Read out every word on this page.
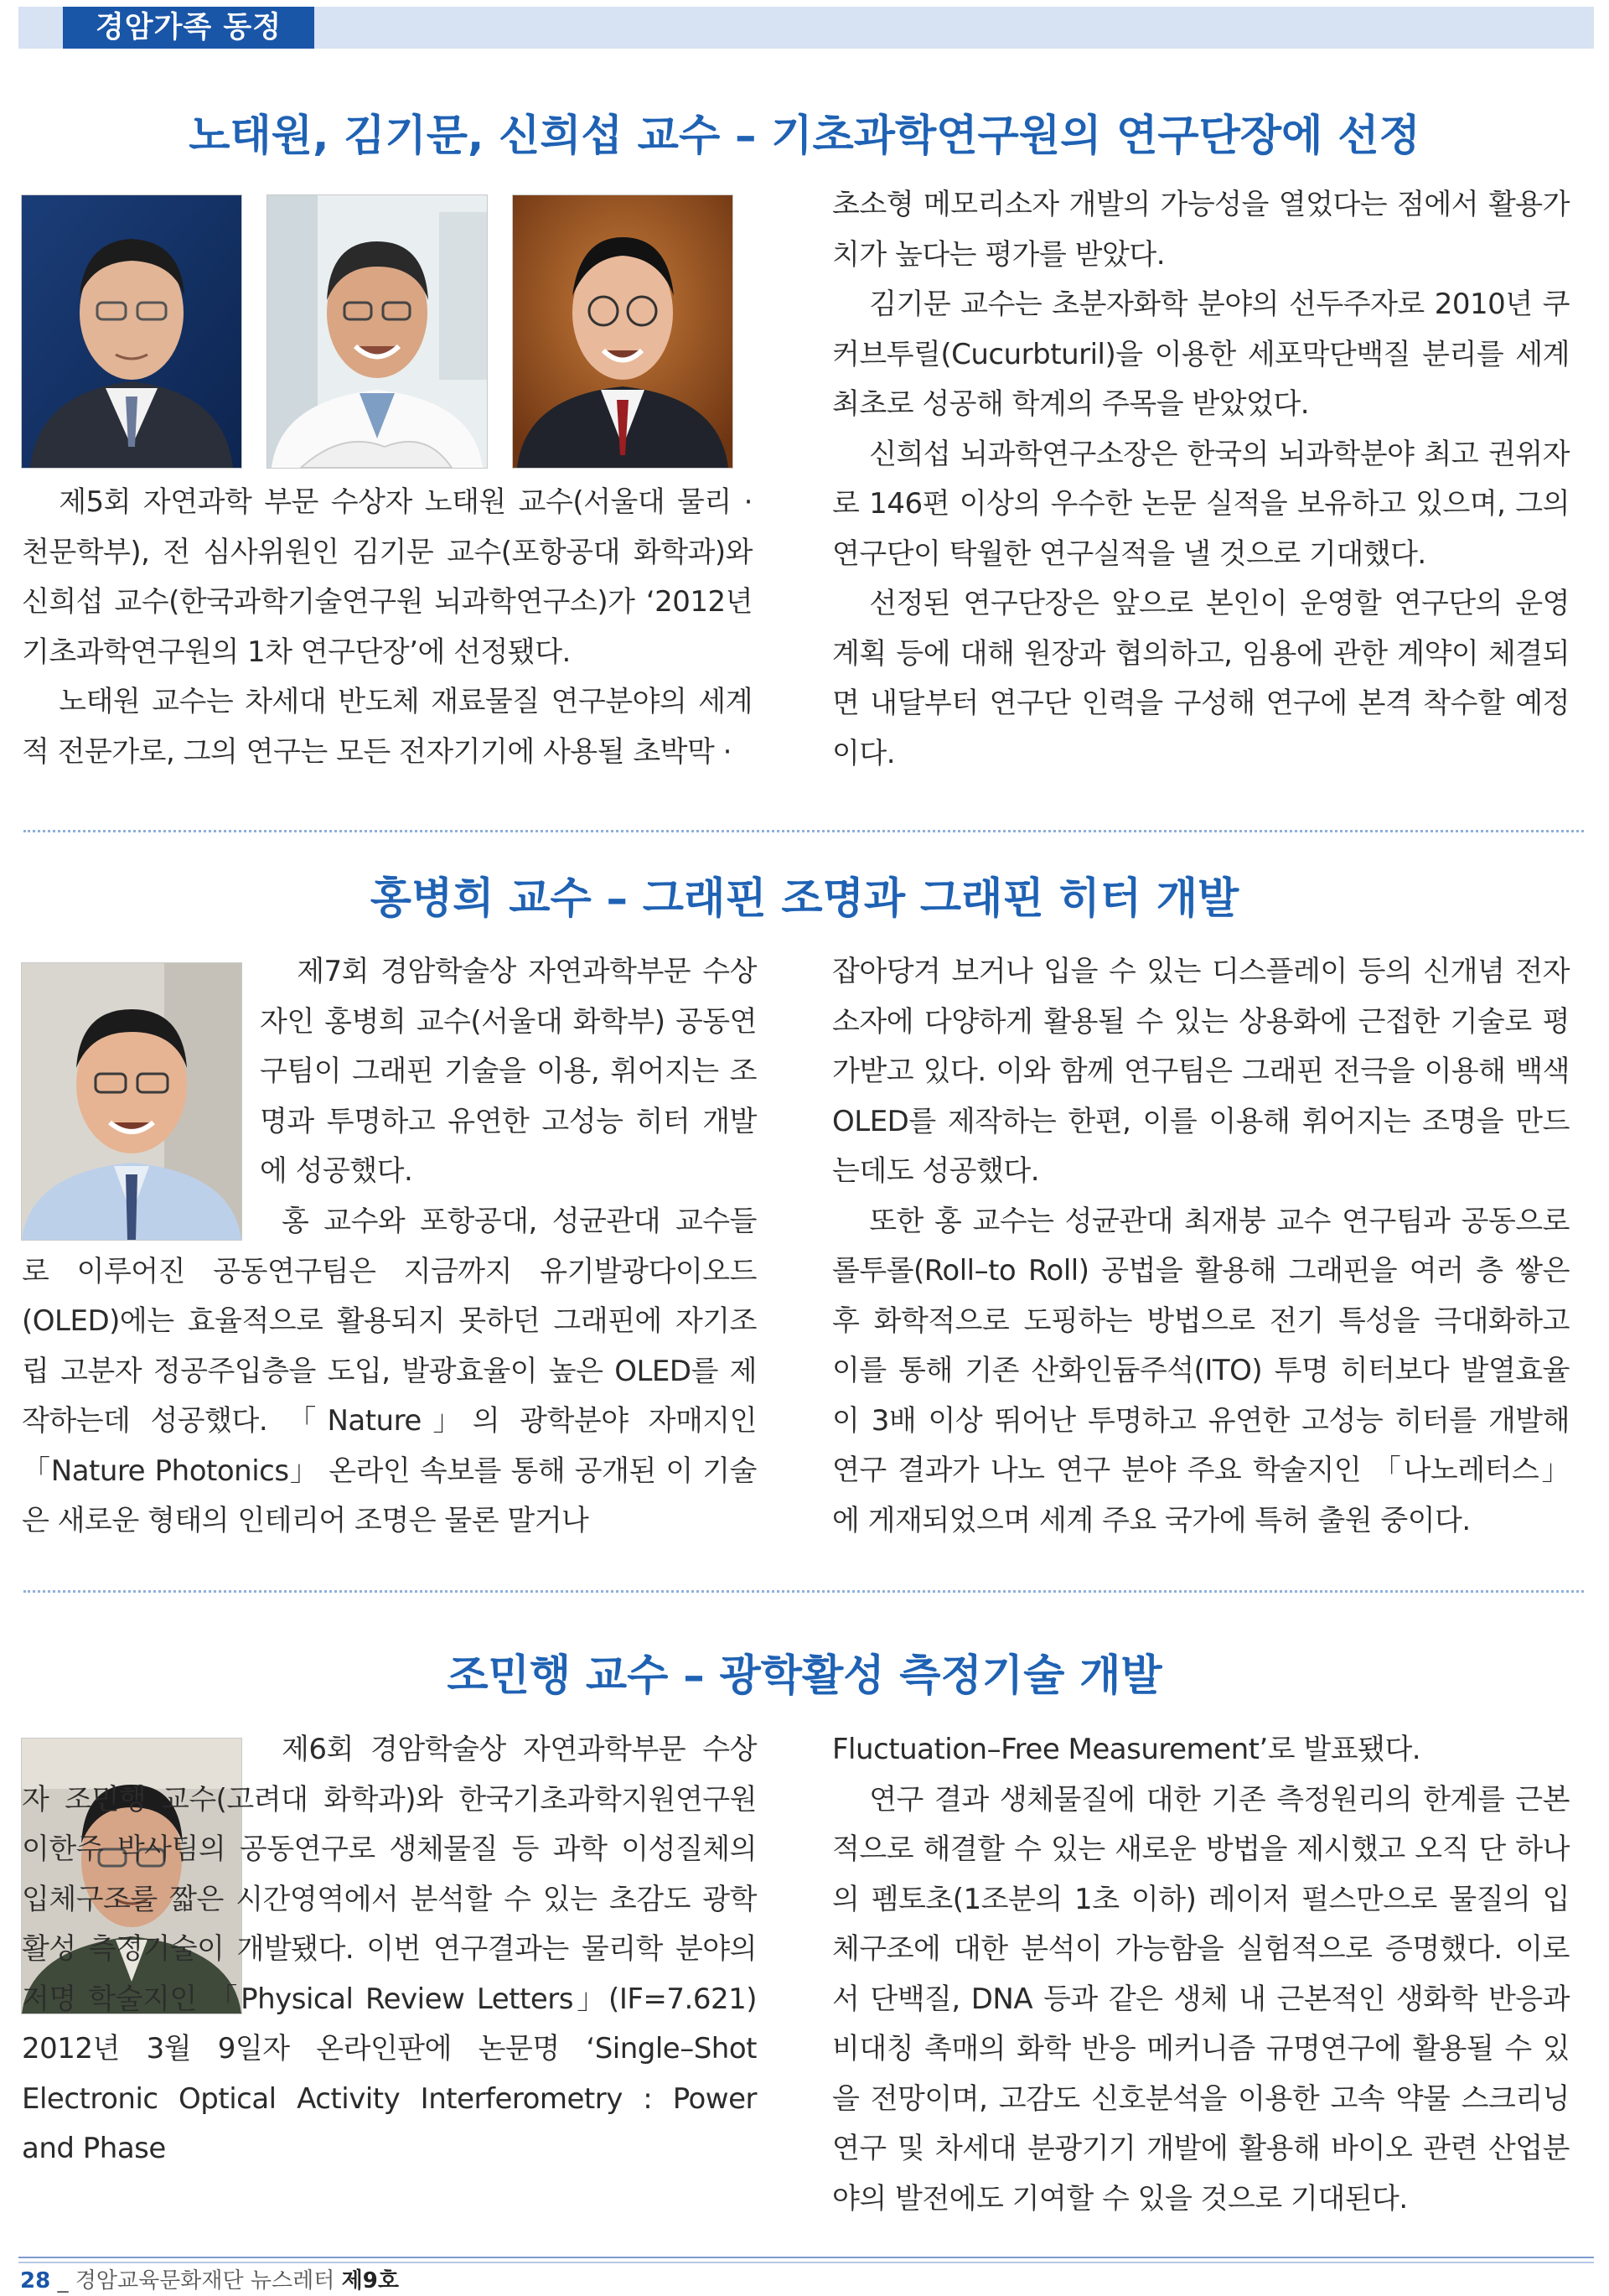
경암가족 동정
노태원, 김기문, 신희섭 교수 – 기초과학연구원의 연구단장에 선정

제5회 자연과학 부문 수상자 노태원 교수(서울대 물리 · 천문학부), 전 심사위원인 김기문 교수(포항공대 화학과)와 신희섭 교수(한국과학기술연구원 뇌과학연구소)가 ‘2012년 기초과학연구원의 1차 연구단장’에 선정됐다.

노태원 교수는 차세대 반도체 재료물질 연구분야의 세계적 전문가로, 그의 연구는 모든 전자기기에 사용될 초박막 ·

초소형 메모리소자 개발의 가능성을 열었다는 점에서 활용가치가 높다는 평가를 받았다.

김기문 교수는 초분자화학 분야의 선두주자로 2010년 쿠커브투릴(Cucurbturil)을 이용한 세포막단백질 분리를 세계 최초로 성공해 학계의 주목을 받았었다.

신희섭 뇌과학연구소장은 한국의 뇌과학분야 최고 권위자로 146편 이상의 우수한 논문 실적을 보유하고 있으며, 그의 연구단이 탁월한 연구실적을 낼 것으로 기대했다.

선정된 연구단장은 앞으로 본인이 운영할 연구단의 운영계획 등에 대해 원장과 협의하고, 임용에 관한 계약이 체결되면 내달부터 연구단 인력을 구성해 연구에 본격 착수할 예정이다.

홍병희 교수 – 그래핀 조명과 그래핀 히터 개발

제7회 경암학술상 자연과학부문 수상자인 홍병희 교수(서울대 화학부) 공동연구팀이 그래핀 기술을 이용, 휘어지는 조명과 투명하고 유연한 고성능 히터 개발에 성공했다.

홍 교수와 포항공대, 성균관대 교수들로 이루어진 공동연구팀은 지금까지 유기발광다이오드(OLED)에는 효율적으로 활용되지 못하던 그래핀에 자기조립 고분자 정공주입층을 도입, 발광효율이 높은 OLED를 제작하는데 성공했다. 「Nature」의 광학분야 자매지인 「Nature Photonics」 온라인 속보를 통해 공개된 이 기술은 새로운 형태의 인테리어 조명은 물론 말거나

잡아당겨 보거나 입을 수 있는 디스플레이 등의 신개념 전자소자에 다양하게 활용될 수 있는 상용화에 근접한 기술로 평가받고 있다. 이와 함께 연구팀은 그래핀 전극을 이용해 백색 OLED를 제작하는 한편, 이를 이용해 휘어지는 조명을 만드는데도 성공했다.

또한 홍 교수는 성균관대 최재붕 교수 연구팀과 공동으로 롤투롤(Roll–to Roll) 공법을 활용해 그래핀을 여러 층 쌓은 후 화학적으로 도핑하는 방법으로 전기 특성을 극대화하고 이를 통해 기존 산화인듐주석(ITO) 투명 히터보다 발열효율이 3배 이상 뛰어난 투명하고 유연한 고성능 히터를 개발해 연구 결과가 나노 연구 분야 주요 학술지인 「나노레터스」에 게재되었으며 세계 주요 국가에 특허 출원 중이다.

조민행 교수 – 광학활성 측정기술 개발

제6회 경암학술상 자연과학부문 수상자 조민행 교수(고려대 화학과)와 한국기초과학지원연구원 이한주 박사팀의 공동연구로 생체물질 등 과학 이성질체의 입체구조를 짧은 시간영역에서 분석할 수 있는 초감도 광학활성 측정기술이 개발됐다. 이번 연구결과는 물리학 분야의 저명 학술지인 「Physical Review Letters」(IF=7.621) 2012년 3월 9일자 온라인판에 논문명 ‘Single–Shot Electronic Optical Activity Interferometry : Power and Phase

Fluctuation–Free Measurement’로 발표됐다.

연구 결과 생체물질에 대한 기존 측정원리의 한계를 근본적으로 해결할 수 있는 새로운 방법을 제시했고 오직 단 하나의 펨토초(1조분의 1초 이하) 레이저 펄스만으로 물질의 입체구조에 대한 분석이 가능함을 실험적으로 증명했다. 이로서 단백질, DNA 등과 같은 생체 내 근본적인 생화학 반응과 비대칭 촉매의 화학 반응 메커니즘 규명연구에 활용될 수 있을 전망이며, 고감도 신호분석을 이용한 고속 약물 스크리닝 연구 및 차세대 분광기기 개발에 활용해 바이오 관련 산업분야의 발전에도 기여할 수 있을 것으로 기대된다.

28 _ 경암교육문화재단 뉴스레터 제9호
